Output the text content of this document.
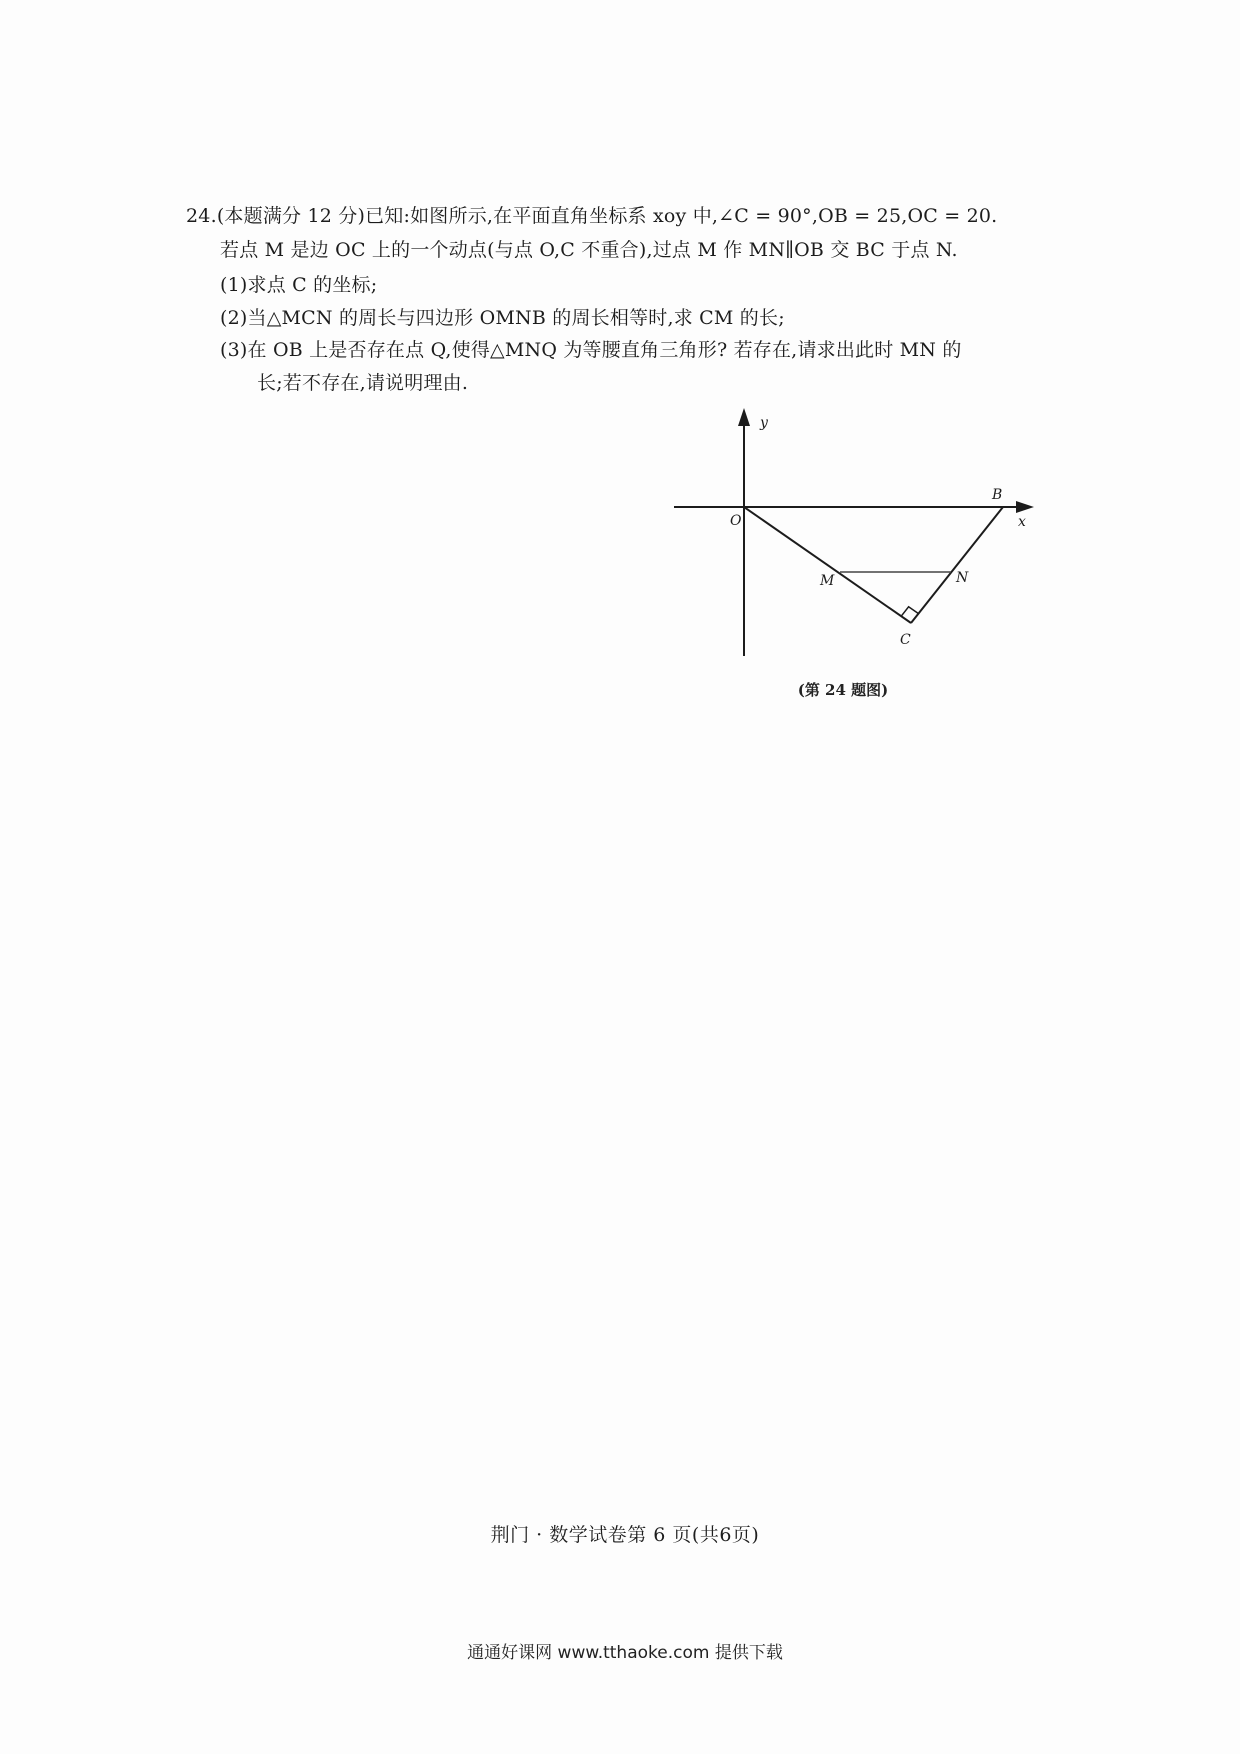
24.(本题满分 12 分)已知:如图所示,在平面直角坐标系 xoy 中,∠C = 90°,OB = 25,OC = 20.
若点 M 是边 OC 上的一个动点(与点 O,C 不重合),过点 M 作 MN∥OB 交 BC 于点 N.
(1)求点 C 的坐标;
(2)当△MCN 的周长与四边形 OMNB 的周长相等时,求 CM 的长;
(3)在 OB 上是否存在点 Q,使得△MNQ 为等腰直角三角形? 若存在,请求出此时 MN 的
长;若不存在,请说明理由.
y
x
O
B
M	N
C
(第 24 题图)
荆门 · 数学试卷第 6 页(共6页)
通通好课网 www.tthaoke.com 提供下载
